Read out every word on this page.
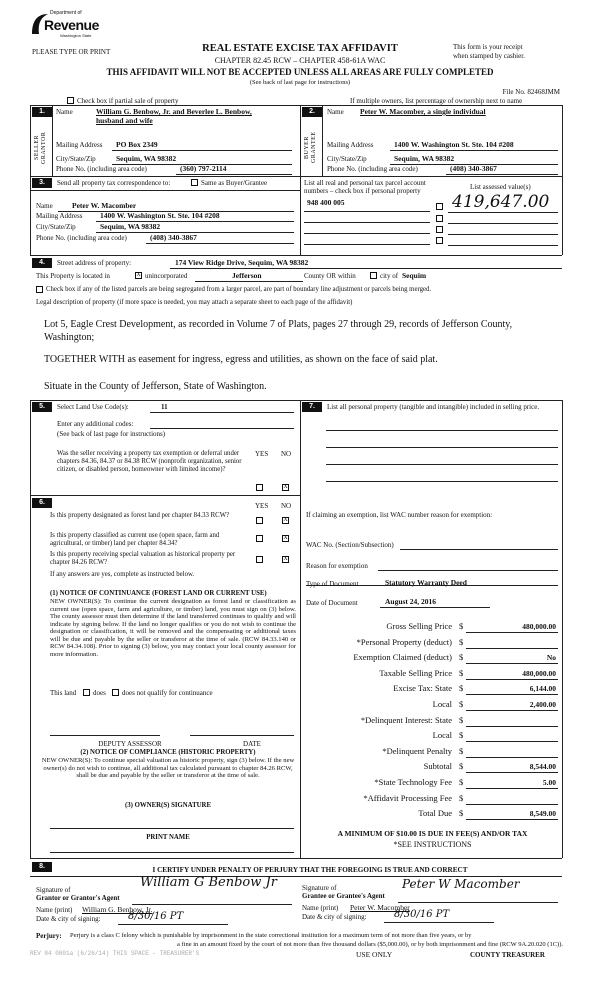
Department of
Revenue
Washington State
PLEASE TYPE OR PRINT	REAL ESTATE EXCISE TAX AFFIDAVIT
CHAPTER 82.45 RCW – CHAPTER 458-61A WAC
THIS AFFIDAVIT WILL NOT BE ACCEPTED UNLESS ALL AREAS ARE FULLY COMPLETED
(See back of last page for instructions)
This form is your receipt
when stamped by cashier.
File No. 82468JMM
Check box if partial sale of property	If multiple owners, list percentage of ownership next to name
1.
SELLER GRANTOR
Name	William G. Benbow, Jr. and Beverlee L. Benbow,
husband and wife
Mailing Address PO Box 2349
City/State/Zip	Sequim, WA 98382
Phone No. (including area code)	(360) 797-2114
2.
BUYER GRANTEE
Name Peter W. Macomber, a single individual
Mailing Address	1400 W. Washington St. Ste. 104 #208
City/State/Zip	Sequim, WA 98382
Phone No. (including area code)	(408) 340-3867
3.	Send all property tax correspondence to:	Same as Buyer/Grantee
Name	Peter W. Macomber
Mailing Address 1400 W. Washington St. Ste. 104 #208
City/State/Zip	Sequim, WA 98382
Phone No. (including area code)	(408) 340-3867
List all real and personal tax parcel account
numbers – check box if personal property	List assessed value(s)
948 400 005	419,647.00
4.	Street address of property:	174 View Ridge Drive, Sequim, WA 98382
This Property is located in	X unincorporated	Jefferson	County OR within	city of Sequim
Check box if any of the listed parcels are being segregated from a larger parcel, are part of boundary line adjustment or parcels being merged.
Legal description of property (if more space is needed, you may attach a separate sheet to each page of the affidavit)
Lot 5, Eagle Crest Development, as recorded in Volume 7 of Plats, pages 27 through 29, records of Jefferson County, Washington;
TOGETHER WITH as easement for ingress, egress and utilities, as shown on the face of said plat.
Situate in the County of Jefferson, State of Washington.
5.	Select Land Use Code(s):	11
Enter any additional codes:
(See back of last page for instructions)
YES NO
Was the seller receiving a property tax exemption or deferral under chapters 84.36, 84.37 or 84.38 RCW (nonprofit organization, senior citizen, or disabled person, homeowner with limited income)?
X
6.	YES NO
Is this property designated as forest land per chapter 84.33 RCW?
X
Is this property classified as current use (open space, farm and agricultural, or timber) land per chapter 84.34?
X
Is this property receiving special valuation as historical property per chapter 84.26 RCW?	X
If any answers are yes, complete as instructed below.
(1) NOTICE OF CONTINUANCE (FOREST LAND OR CURRENT USE)
NEW OWNER(S): To continue the current designation as forest land or classification as current use (open space, farm and agriculture, or timber) land, you must sign on (3) below. The county assessor must then determine if the land transferred continues to qualify and will indicate by signing below. If the land no longer qualifies or you do not wish to continue the designation or classification, it will be removed and the compensating or additional taxes will be due and payable by the seller or transferor at the time of sale. (RCW 84.33.140 or RCW 84.34.108). Prior to signing (3) below, you may contact your local county assessor for more information.
This land does does not qualify for continuance
DEPUTY ASSESSOR	DATE
(2) NOTICE OF COMPLIANCE (HISTORIC PROPERTY)
NEW OWNER(S): To continue special valuation as historic property, sign (3) below. If the new owner(s) do not wish to continue, all additional tax calculated pursuant to chapter 84.26 RCW, shall be due and payable by the seller or transferor at the time of sale.
(3) OWNER(S) SIGNATURE
PRINT NAME
7.	List all personal property (tangible and intangible) included in selling price.
If claiming an exemption, list WAC number reason for exemption:
WAC No. (Section/Subsection)
Reason for exemption
Type of Document	Statutory Warranty Deed
Date of Document	August 24, 2016
Gross Selling Price $	480,000.00
*Personal Property (deduct) $
Exemption Claimed (deduct) $	No
Taxable Selling Price $	480,000.00
Excise Tax: State $	6,144.00
Local $	2,400.00
*Delinquent Interest: State $
Local $
*Delinquent Penalty $
Subtotal $	8,544.00
*State Technology Fee $	5.00
*Affidavit Processing Fee $
Total Due $	8,549.00
A MINIMUM OF $10.00 IS DUE IN FEE(S) AND/OR TAX
*SEE INSTRUCTIONS
8.	I CERTIFY UNDER PENALTY OF PERJURY THAT THE FOREGOING IS TRUE AND CORRECT
Signature of
Grantor or Grantor's Agent
William G Benbow Jr
Name (print) William G. Benbow, Jr.
Date & city of signing:	8/30/16 PT
Signature of
Grantee or Grantee's Agent
Peter W Macomber
Name (print) Peter W. Macomber
Date & city of signing:	8/30/16 PT
Perjury: Perjury is a class C felony which is punishable by imprisonment in the state correctional institution for a maximum term of not more than five years, or by
a fine in an amount fixed by the court of not more than five thousand dollars ($5,000.00), or by both imprisonment and fine (RCW 9A.20.020 (1C)).
REV 84 0001a (6/26/14) THIS SPACE – TREASURER'S	USE ONLY	COUNTY TREASURER
